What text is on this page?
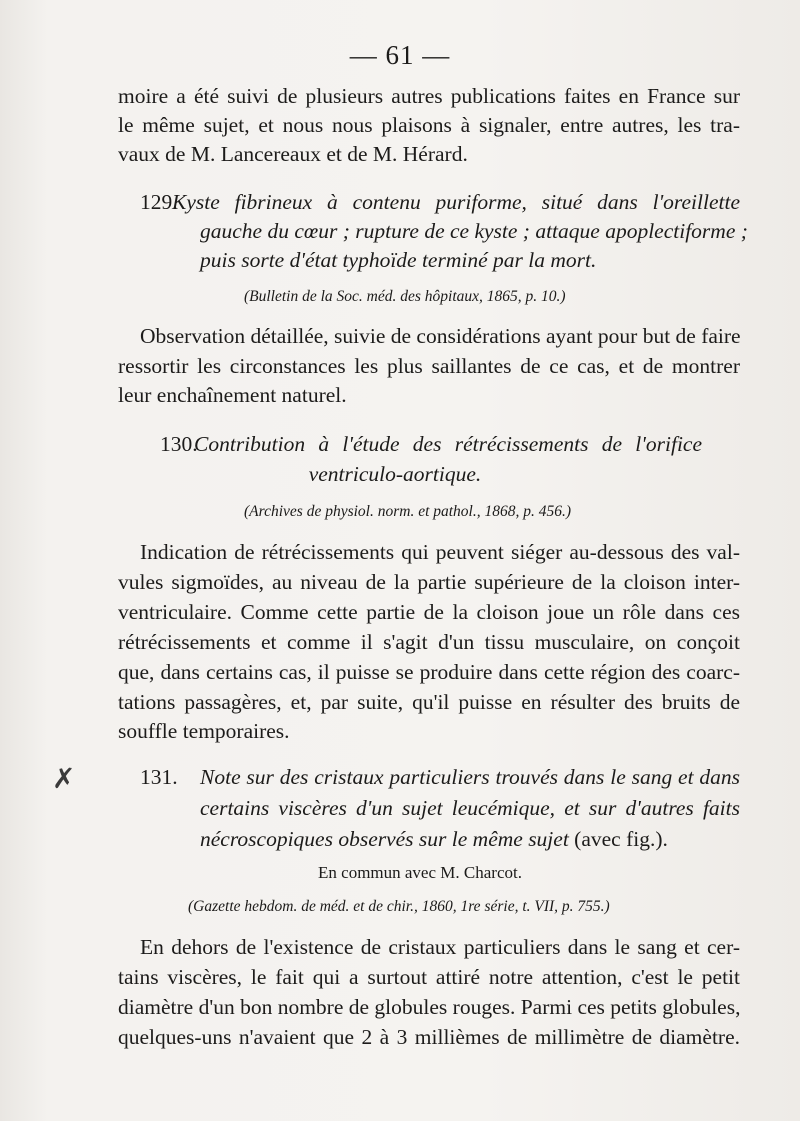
— 61 —
moire a été suivi de plusieurs autres publications faites en France sur
le même sujet, et nous nous plaisons à signaler, entre autres, les tra-
vaux de M. Lancereaux et de M. Hérard.
129.
Kyste fibrineux à contenu puriforme, situé dans l'oreillette
gauche du cœur ; rupture de ce kyste ; attaque apoplectiforme ;
puis sorte d'état typhoïde terminé par la mort.
(Bulletin de la Soc. méd. des hôpitaux, 1865, p. 10.)
Observation détaillée, suivie de considérations ayant pour but de faire
ressortir les circonstances les plus saillantes de ce cas, et de montrer
leur enchaînement naturel.
130.
Contribution à l'étude des rétrécissements de l'orifice
ventriculo-aortique.
(Archives de physiol. norm. et pathol., 1868, p. 456.)
Indication de rétrécissements qui peuvent siéger au-dessous des val-
vules sigmoïdes, au niveau de la partie supérieure de la cloison inter-
ventriculaire. Comme cette partie de la cloison joue un rôle dans ces
rétrécissements et comme il s'agit d'un tissu musculaire, on conçoit
que, dans certains cas, il puisse se produire dans cette région des coarc-
tations passagères, et, par suite, qu'il puisse en résulter des bruits de
souffle temporaires.
✗	131. Note sur des cristaux particuliers trouvés dans le sang et dans
certains viscères d'un sujet leucémique, et sur d'autres faits
nécroscopiques observés sur le même sujet (avec fig.).
En commun avec M. Charcot.
(Gazette hebdom. de méd. et de chir., 1860, 1re série, t. VII, p. 755.)
En dehors de l'existence de cristaux particuliers dans le sang et cer-
tains viscères, le fait qui a surtout attiré notre attention, c'est le petit
diamètre d'un bon nombre de globules rouges. Parmi ces petits globules,
quelques-uns n'avaient que 2 à 3 millièmes de millimètre de diamètre.
